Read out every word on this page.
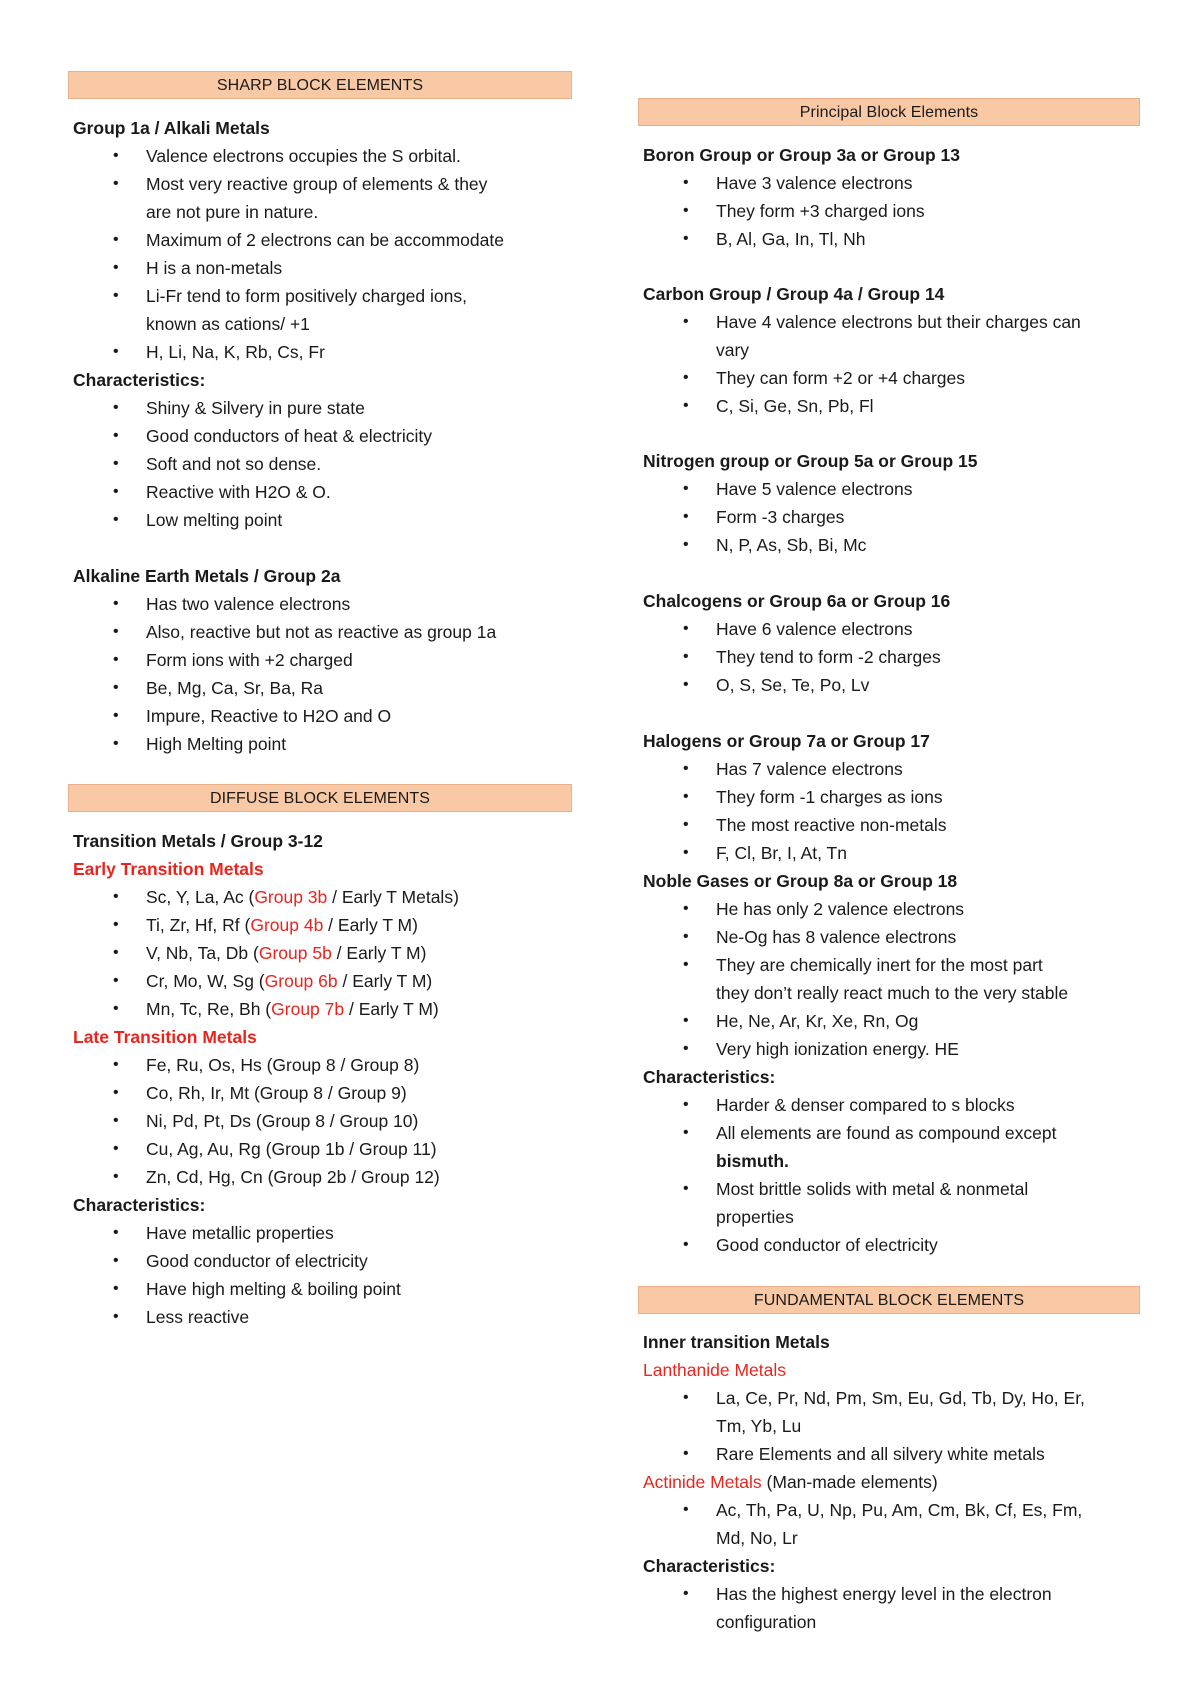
SHARP BLOCK ELEMENTS
Group 1a / Alkali Metals
• Valence electrons occupies the S orbital.
• Most very reactive group of elements & they
are not pure in nature.
• Maximum of 2 electrons can be accommodate
• H is a non-metals
• Li-Fr tend to form positively charged ions,
known as cations/ +1
• H, Li, Na, K, Rb, Cs, Fr
Characteristics:
• Shiny & Silvery in pure state
• Good conductors of heat & electricity
• Soft and not so dense.
• Reactive with H2O & O.
• Low melting point
Alkaline Earth Metals / Group 2a
• Has two valence electrons
• Also, reactive but not as reactive as group 1a
• Form ions with +2 charged
• Be, Mg, Ca, Sr, Ba, Ra
• Impure, Reactive to H2O and O
• High Melting point
DIFFUSE BLOCK ELEMENTS
Transition Metals / Group 3-12
Early Transition Metals
• Sc, Y, La, Ac (Group 3b / Early T Metals)
• Ti, Zr, Hf, Rf (Group 4b / Early T M)
• V, Nb, Ta, Db (Group 5b / Early T M)
• Cr, Mo, W, Sg (Group 6b / Early T M)
• Mn, Tc, Re, Bh (Group 7b / Early T M)
Late Transition Metals
• Fe, Ru, Os, Hs (Group 8 / Group 8)
• Co, Rh, Ir, Mt (Group 8 / Group 9)
• Ni, Pd, Pt, Ds (Group 8 / Group 10)
• Cu, Ag, Au, Rg (Group 1b / Group 11)
• Zn, Cd, Hg, Cn (Group 2b / Group 12)
Characteristics:
• Have metallic properties
• Good conductor of electricity
• Have high melting & boiling point
• Less reactive
Principal Block Elements
Boron Group or Group 3a or Group 13
• Have 3 valence electrons
• They form +3 charged ions
• B, Al, Ga, In, Tl, Nh
Carbon Group / Group 4a / Group 14
• Have 4 valence electrons but their charges can
vary
• They can form +2 or +4 charges
• C, Si, Ge, Sn, Pb, Fl
Nitrogen group or Group 5a or Group 15
• Have 5 valence electrons
• Form -3 charges
• N, P, As, Sb, Bi, Mc
Chalcogens or Group 6a or Group 16
• Have 6 valence electrons
• They tend to form -2 charges
• O, S, Se, Te, Po, Lv
Halogens or Group 7a or Group 17
• Has 7 valence electrons
• They form -1 charges as ions
• The most reactive non-metals
• F, Cl, Br, I, At, Tn
Noble Gases or Group 8a or Group 18
• He has only 2 valence electrons
• Ne-Og has 8 valence electrons
• They are chemically inert for the most part
they don’t really react much to the very stable
• He, Ne, Ar, Kr, Xe, Rn, Og
• Very high ionization energy. HE
Characteristics:
• Harder & denser compared to s blocks
• All elements are found as compound except
bismuth.
• Most brittle solids with metal & nonmetal
properties
• Good conductor of electricity
FUNDAMENTAL BLOCK ELEMENTS
Inner transition Metals
Lanthanide Metals
• La, Ce, Pr, Nd, Pm, Sm, Eu, Gd, Tb, Dy, Ho, Er,
Tm, Yb, Lu
• Rare Elements and all silvery white metals
Actinide Metals (Man-made elements)
• Ac, Th, Pa, U, Np, Pu, Am, Cm, Bk, Cf, Es, Fm,
Md, No, Lr
Characteristics:
• Has the highest energy level in the electron
configuration
